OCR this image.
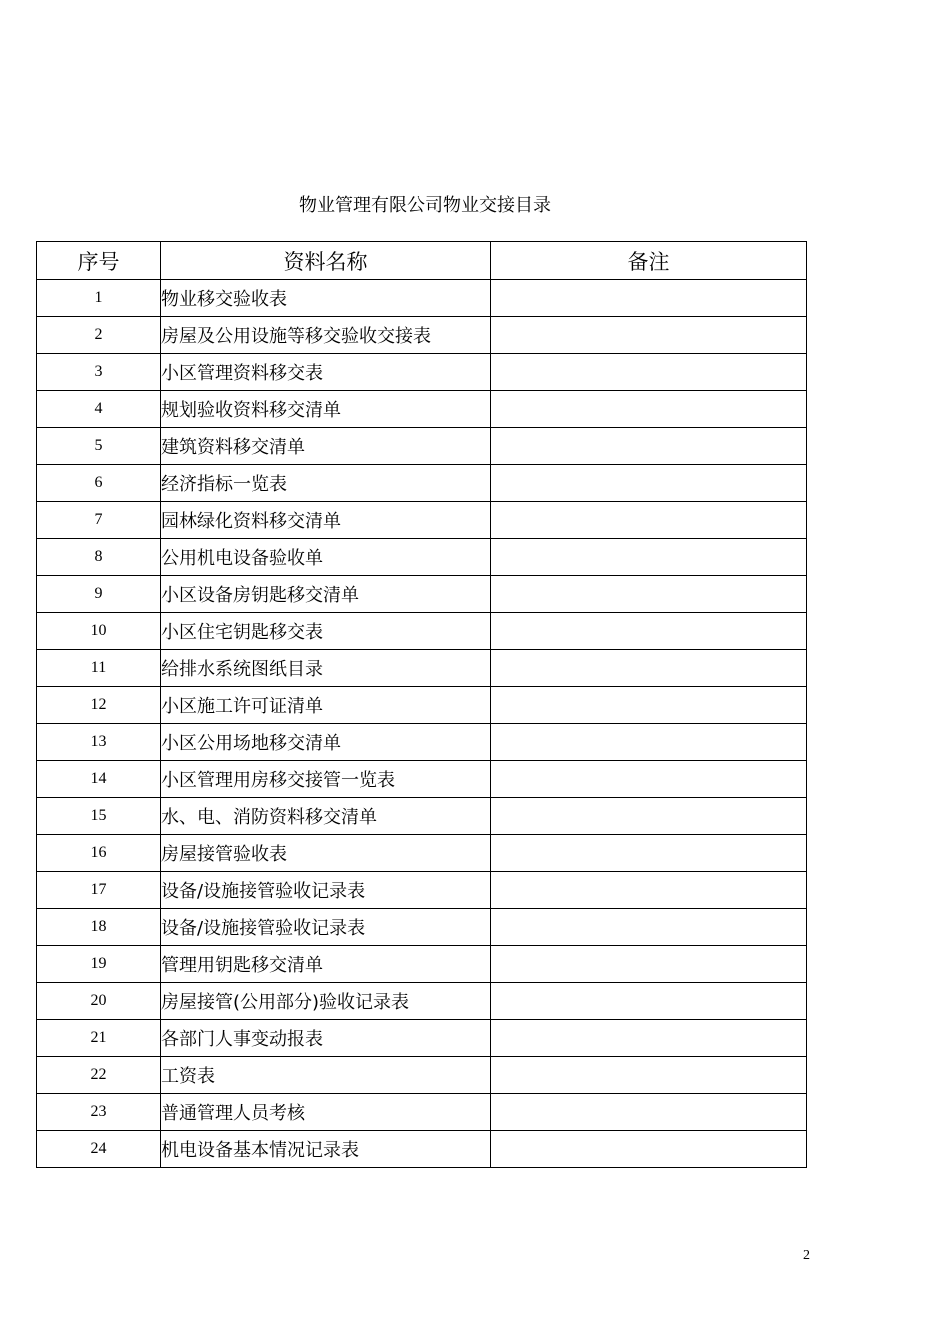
物业管理有限公司物业交接目录
序号	资料名称	备注
1	物业移交验收表	
2	房屋及公用设施等移交验收交接表	
3	小区管理资料移交表	
4	规划验收资料移交清单	
5	建筑资料移交清单	
6	经济指标一览表	
7	园林绿化资料移交清单	
8	公用机电设备验收单	
9	小区设备房钥匙移交清单	
10	小区住宅钥匙移交表	
11	给排水系统图纸目录	
12	小区施工许可证清单	
13	小区公用场地移交清单	
14	小区管理用房移交接管一览表	
15	水、电、消防资料移交清单	
16	房屋接管验收表	
17	设备/设施接管验收记录表	
18	设备/设施接管验收记录表	
19	管理用钥匙移交清单	
20	房屋接管(公用部分)验收记录表	
21	各部门人事变动报表	
22	工资表	
23	普通管理人员考核	
24	机电设备基本情况记录表	
2
